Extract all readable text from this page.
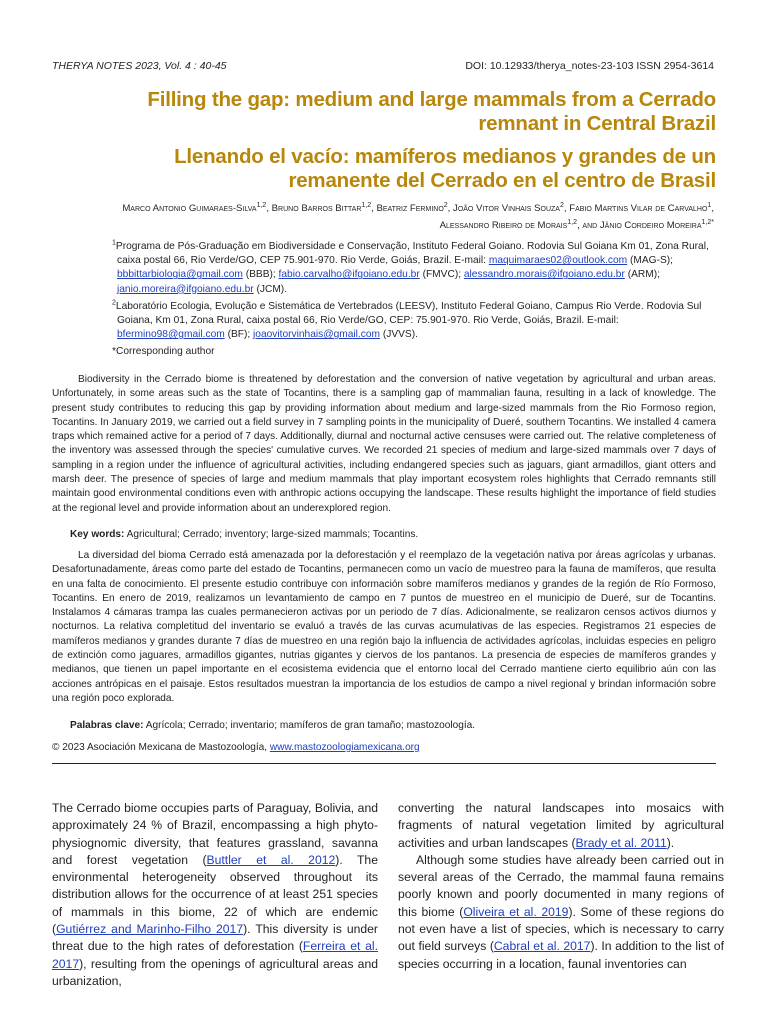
THERYA NOTES 2023, Vol. 4 : 40-45	DOI: 10.12933/therya_notes-23-103 ISSN 2954-3614
Filling the gap: medium and large mammals from a Cerrado
remnant in Central Brazil
Llenando el vacío: mamíferos medianos y grandes de un
remanente del Cerrado en el centro de Brasil
Marco Antonio Guimaraes-Silva$^{1,2}$, Bruno Barros Bittar$^{1,2}$, Beatriz Fermino$^2$, João Vitor Vinhais Souza$^2$, Fabio Martins Vilar de Carvalho$^1$,
Alessandro Ribeiro de Morais$^{1,2}$, and Jânio Cordeiro Moreira$^{1,2*}$

$^1$Programa de Pós-Graduação em Biodiversidade e Conservação, Instituto Federal Goiano. Rodovia Sul Goiana Km 01, Zona Rural, caixa postal 66, Rio Verde/GO, CEP 75.901-970. Rio Verde, Goiás, Brazil. E-mail: maquimaraes02@outlook.com (MAG-S); bbbittarbiologia@gmail.com (BBB); fabio.carvalho@ifgoiano.edu.br (FMVC); alessandro.morais@ifgoiano.edu.br (ARM); janio.moreira@ifgoiano.edu.br (JCM).

$^2$Laboratório Ecologia, Evolução e Sistemática de Vertebrados (LEESV), Instituto Federal Goiano, Campus Rio Verde. Rodovia Sul Goiana, Km 01, Zona Rural, caixa postal 66, Rio Verde/GO, CEP: 75.901-970. Rio Verde, Goiás, Brazil. E-mail: bfermino98@gmail.com (BF); joaovitorvinhais@gmail.com (JVVS).

*Corresponding author

Biodiversity in the Cerrado biome is threatened by deforestation and the conversion of native vegetation by agricultural and urban areas. Unfortunately, in some areas such as the state of Tocantins, there is a sampling gap of mammalian fauna, resulting in a lack of knowledge. The present study contributes to reducing this gap by providing information about medium and large-sized mammals from the Rio Formoso region, Tocantins. In January 2019, we carried out a field survey in 7 sampling points in the municipality of Dueré, southern Tocantins. We installed 4 camera traps which remained active for a period of 7 days. Additionally, diurnal and nocturnal active censuses were carried out. The relative completeness of the inventory was assessed through the species' cumulative curves. We recorded 21 species of medium and large-sized mammals over 7 days of sampling in a region under the influence of agricultural activities, including endangered species such as jaguars, giant armadillos, giant otters and marsh deer. The presence of species of large and medium mammals that play important ecosystem roles highlights that Cerrado remnants still maintain good environmental conditions even with anthropic actions occupying the landscape. These results highlight the importance of field studies at the regional level and provide information about an underexplored region.

Key words: Agricultural; Cerrado; inventory; large-sized mammals; Tocantins.

La diversidad del bioma Cerrado está amenazada por la deforestación y el reemplazo de la vegetación nativa por áreas agrícolas y urbanas. Desafortunadamente, áreas como parte del estado de Tocantins, permanecen como un vacío de muestreo para la fauna de mamíferos, que resulta en una falta de conocimiento. El presente estudio contribuye con información sobre mamíferos medianos y grandes de la región de Río Formoso, Tocantins. En enero de 2019, realizamos un levantamiento de campo en 7 puntos de muestreo en el municipio de Dueré, sur de Tocantins. Instalamos 4 cámaras trampa las cuales permanecieron activas por un periodo de 7 días. Adicionalmente, se realizaron censos activos diurnos y nocturnos. La relativa completitud del inventario se evaluó a través de las curvas acumulativas de las especies. Registramos 21 especies de mamíferos medianos y grandes durante 7 días de muestreo en una región bajo la influencia de actividades agrícolas, incluidas especies en peligro de extinción como jaguares, armadillos gigantes, nutrias gigantes y ciervos de los pantanos. La presencia de especies de mamíferos grandes y medianos, que tienen un papel importante en el ecosistema evidencia que el entorno local del Cerrado mantiene cierto equilibrio aún con las acciones antrópicas en el paisaje. Estos resultados muestran la importancia de los estudios de campo a nivel regional y brindan información sobre una región poco explorada.

Palabras clave: Agrícola; Cerrado; inventario; mamíferos de gran tamaño; mastozoología.
© 2023 Asociación Mexicana de Mastozoología, www.mastozoologiamexicana.org

The Cerrado biome occupies parts of Paraguay, Bolivia, and approximately 24 % of Brazil, encompassing a high phyto-physiognomic diversity, that features grassland, savanna and forest vegetation (Buttler et al. 2012). The environmental heterogeneity observed throughout its distribution allows for the occurrence of at least 251 species of mammals in this biome, 22 of which are endemic (Gutiérrez and Marinho-Filho 2017). This diversity is under threat due to the high rates of deforestation (Ferreira et al. 2017), resulting from the openings of agricultural areas and urbanization,

converting the natural landscapes into mosaics with fragments of natural vegetation limited by agricultural activities and urban landscapes (Brady et al. 2011).

Although some studies have already been carried out in several areas of the Cerrado, the mammal fauna remains poorly known and poorly documented in many regions of this biome (Oliveira et al. 2019). Some of these regions do not even have a list of species, which is necessary to carry out field surveys (Cabral et al. 2017). In addition to the list of species occurring in a location, faunal inventories can
